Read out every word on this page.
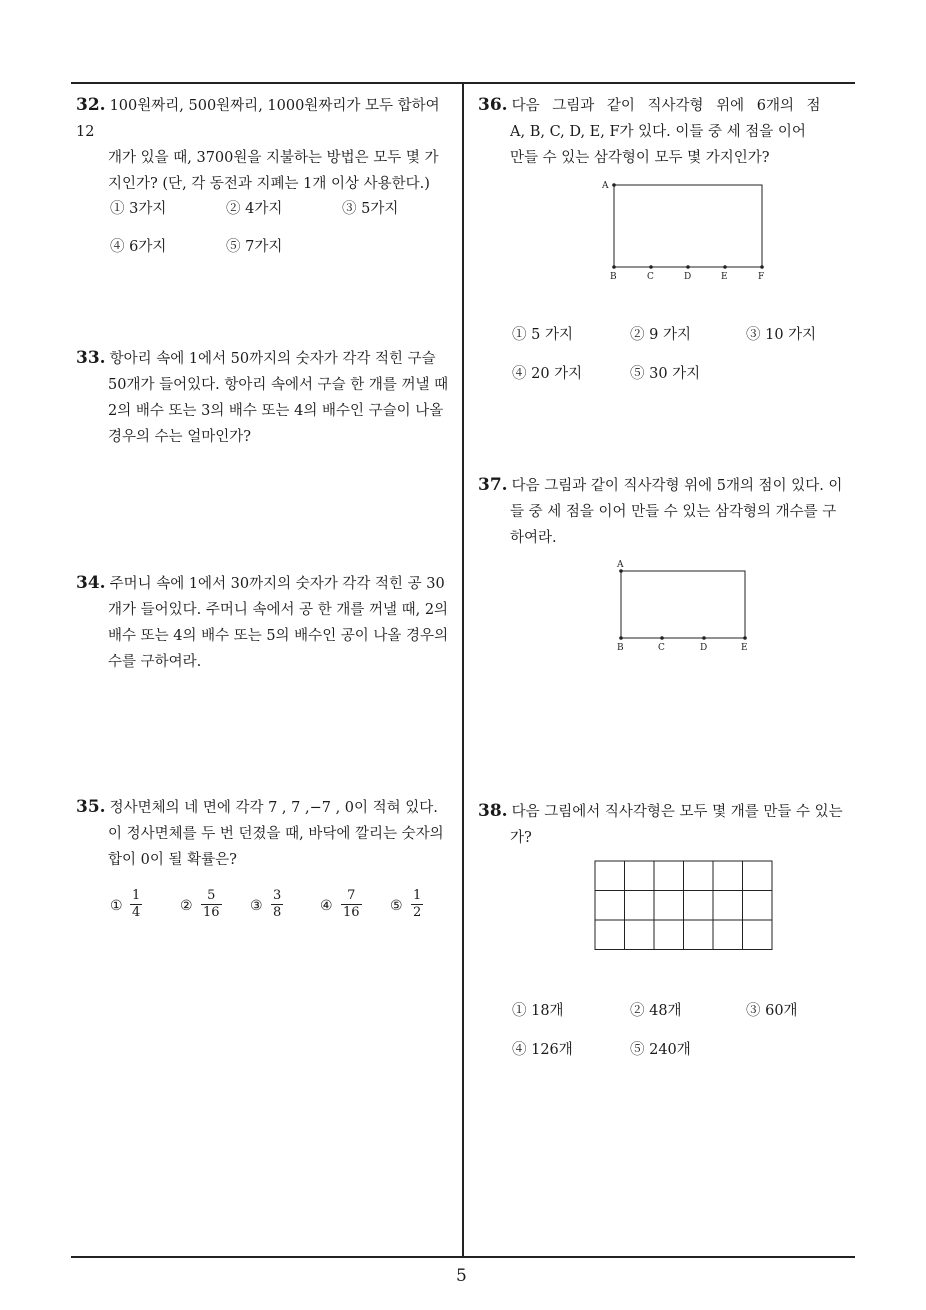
32. 100원짜리, 500원짜리, 1000원짜리가 모두 합하여 12
개가 있을 때, 3700원을 지불하는 방법은 모두 몇 가
지인가? (단, 각 동전과 지폐는 1개 이상 사용한다.)
① 3가지	② 4가지	③ 5가지
④ 6가지	⑤ 7가지
33. 항아리 속에 1에서 50까지의 숫자가 각각 적힌 구슬
50개가 들어있다. 항아리 속에서 구슬 한 개를 꺼낼 때
2의 배수 또는 3의 배수 또는 4의 배수인 구슬이 나올
경우의 수는 얼마인가?
34. 주머니 속에 1에서 30까지의 숫자가 각각 적힌 공 30
개가 들어있다. 주머니 속에서 공 한 개를 꺼낼 때, 2의
배수 또는 4의 배수 또는 5의 배수인 공이 나올 경우의
수를 구하여라.
35. 정사면체의 네 면에 각각 7 , 7 ,−7 , 0이 적혀 있다.
이 정사면체를 두 번 던졌을 때, 바닥에 깔리는 숫자의
합이 0이 될 확률은?
① $\frac{1}{4}$	② $\frac{5}{16}$ ③ $\frac{3}{8}$	④ $\frac{7}{16}$ ⑤ $\frac{1}{2}$
36. 다음 그림과 같이 직사각형 위에 6개의 점
A, B, C, D, E, F가 있다. 이들 중 세 점을 이어
만들 수 있는 삼각형이 모두 몇 가지인가?
A
B	C	D	E	F
① 5 가지	② 9 가지	③ 10 가지
④ 20 가지	⑤ 30 가지
37. 다음 그림과 같이 직사각형 위에 5개의 점이 있다. 이
들 중 세 점을 이어 만들 수 있는 삼각형의 개수를 구
하여라.
A
B	C	D	E
38. 다음 그림에서 직사각형은 모두 몇 개를 만들 수 있는
가?
① 18개	② 48개	③ 60개
④ 126개	⑤ 240개
5
